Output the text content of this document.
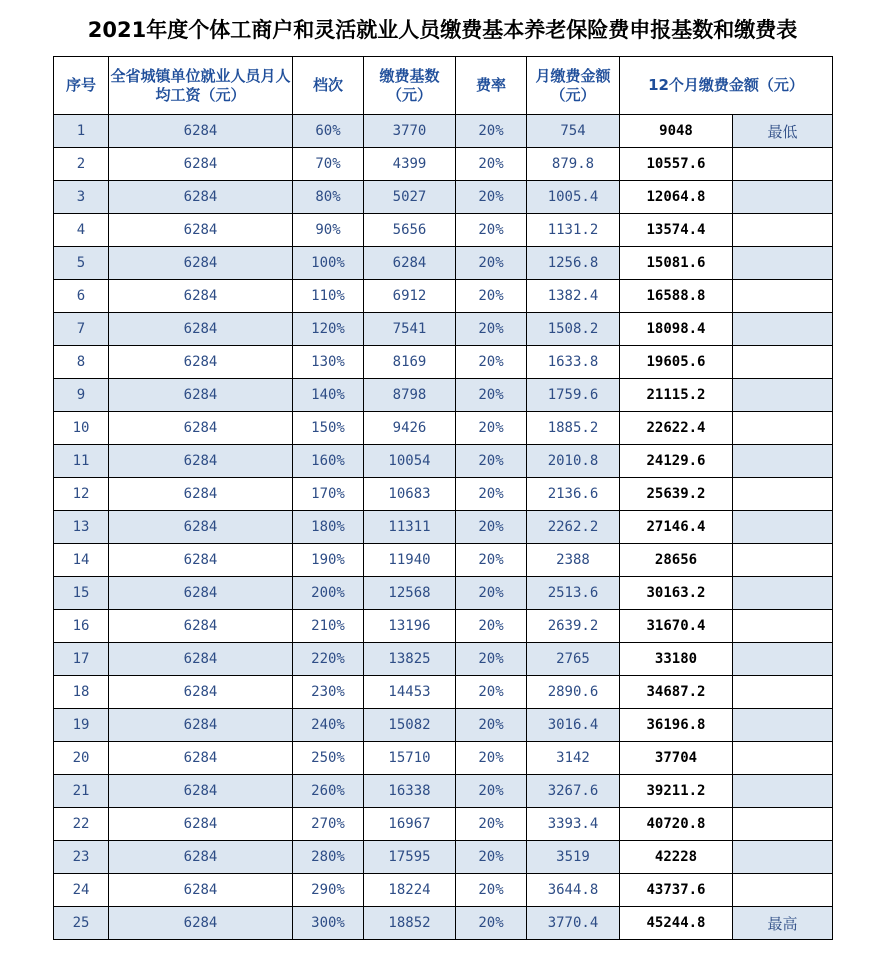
2021年度个体工商户和灵活就业人员缴费基本养老保险费申报基数和缴费表
序号	全省城镇单位就业人员月人均工资（元）	档次	缴费基数（元）	费率	月缴费金额（元）	12个月缴费金额（元）	
1	6284	60%	3770	20%	754	9048	最低
2	6284	70%	4399	20%	879.8	10557.6	
3	6284	80%	5027	20%	1005.4	12064.8	
4	6284	90%	5656	20%	1131.2	13574.4	
5	6284	100%	6284	20%	1256.8	15081.6	
6	6284	110%	6912	20%	1382.4	16588.8	
7	6284	120%	7541	20%	1508.2	18098.4	
8	6284	130%	8169	20%	1633.8	19605.6	
9	6284	140%	8798	20%	1759.6	21115.2	
10	6284	150%	9426	20%	1885.2	22622.4	
11	6284	160%	10054	20%	2010.8	24129.6	
12	6284	170%	10683	20%	2136.6	25639.2	
13	6284	180%	11311	20%	2262.2	27146.4	
14	6284	190%	11940	20%	2388	28656	
15	6284	200%	12568	20%	2513.6	30163.2	
16	6284	210%	13196	20%	2639.2	31670.4	
17	6284	220%	13825	20%	2765	33180	
18	6284	230%	14453	20%	2890.6	34687.2	
19	6284	240%	15082	20%	3016.4	36196.8	
20	6284	250%	15710	20%	3142	37704	
21	6284	260%	16338	20%	3267.6	39211.2	
22	6284	270%	16967	20%	3393.4	40720.8	
23	6284	280%	17595	20%	3519	42228	
24	6284	290%	18224	20%	3644.8	43737.6	
25	6284	300%	18852	20%	3770.4	45244.8	最高
